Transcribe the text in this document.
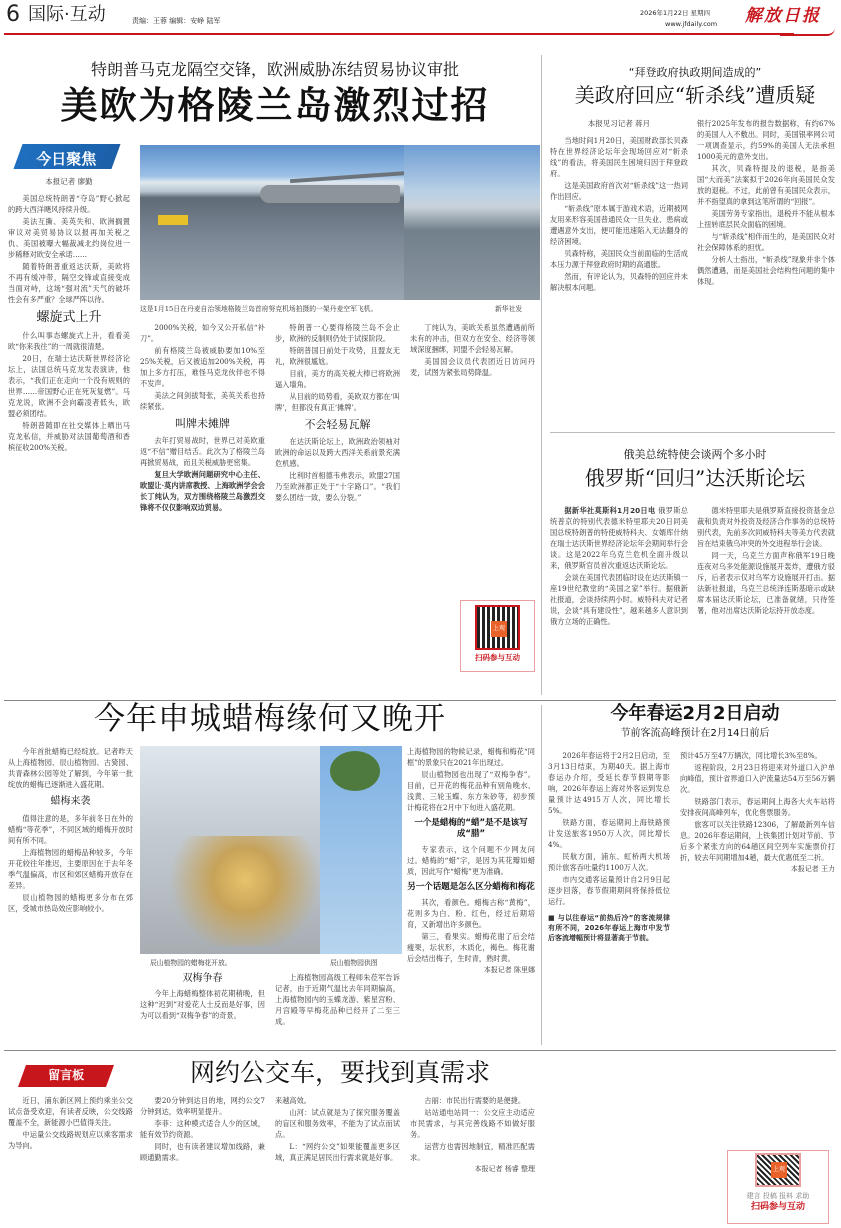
6 国际·互动	责编：王蓉 编辑：安峥 陆军
2026年1月22日 星期四
www.jfdaily.com 解放日报
特朗普马克龙隔空交锋，欧洲威胁冻结贸易协议审批
美欧为格陵兰岛激烈过招
今日聚焦
本报记者 廖勤

美国总统特朗普“夺岛”野心掀起的跨大西洋飓风持续升级。

美法互撕、美英失和、欧洲搁置审议对美贸易协议以报再加关税之仇、美国被曝大幅裁减北约岗位进一步稀释对欧安全承诺……

随着特朗普重返达沃斯，美欧将不再有缓冲带，隔空交锋或直接变成当面对峙，这场“强对流”天气的破坏性会有多严重？全球严阵以待。

螺旋式上升

什么叫事态螺旋式上升，看看美欧“你来我往”的一周就很清楚。

20日，在瑞士达沃斯世界经济论坛上，法国总统马克龙发表演讲，他表示，“我们正在走向一个没有规则的世界……帝国野心正在死灰复燃”。马克龙说，欧洲不会向霸凌者低头，欧盟必须团结。

特朗普随即在社交媒体上晒出马克龙私信，并威胁对法国葡萄酒和香槟征收200%关税。

这是1月15日在丹麦自治领地格陵兰岛首府努克机场拍摄的一架丹麦空军飞机。	新华社发

2000%关税，如今又公开私信“补刀”。

前有格陵兰岛被威胁要加10%至25%关税，后又被追加200%关税，再加上多方打压，难怪马克龙伙伴也不得不发声。

美法之间剑拔弩张，美英关系也持续紧张。

叫牌未摊牌

去年打贸易战时，世界已对美欧重返“不信”赠目结舌。此次为了格陵兰岛再掀贸易战，而且关税威胁更密集。

复旦大学欧洲问题研究中心主任、欧盟让·莫内讲席教授、上海欧洲学会会长丁纯认为，双方围绕格陵兰岛激烈交锋将不仅仅影响双边贸易。

特朗普一心要得格陵兰岛不会止步，欧洲的反制则仍处于试探阶段。

特朗普国日前处于攻势，且盟友无礼，欧洲很尴尬。

目前，美方的高关税大棒已将欧洲逼入墙角。

从目前的局势看，美欧双方都在‘叫牌’，但都没有真正‘摊牌’。

不会轻易瓦解

在达沃斯论坛上，欧洲政治领袖对欧洲的命运以及跨大西洋关系前景充满危机感。

比利时首相德韦弗表示，欧盟27国乃至欧洲都正处于“十字路口”。“我们要么团结一致，要么分裂。”

丁纯认为，美欧关系虽然遭遇前所未有的冲击，但双方在安全、经济等领域深度捆绑，同盟不会轻易瓦解。

美国国会议员代表团近日访问丹麦，试图为紧张局势降温。

上观
扫码参与互动
“拜登政府执政期间造成的”
美政府回应“斩杀线”遭质疑
本报见习记者 蒋月

当地时间1月20日，美国财政部长贝森特在世界经济论坛年会现场回应对“斩杀线”的看法，将美国民生困境归因于拜登政府。

这是美国政府首次对“斩杀线”这一热词作出回应。

“斩杀线”原本属于游戏术语，近期被网友用来形容美国普通民众一旦失业、患病或遭遇意外支出，便可能迅速陷入无法翻身的经济困境。

贝森特称，美国民众当前面临的生活成本压力源于拜登政府时期的高通胀。

然而，有评论认为，贝森特的回应并未解决根本问题。

银行2025年发布的报告数据称，有约67%的美国人入不敷出。同时，美国银率网公司一项调查显示，约59%的美国人无法承担1000美元的意外支出。

其次，贝森特提及的退税，是指美国“大而美”法案拟于2026年向美国民众发放的退税。不过，此前曾有美国民众表示，并不指望真的拿到这笔所谓的“回报”。

美国劳务专家指出，退税并不能从根本上扭转底层民众面临的困境。

与“斩杀线”相伴而生的，是美国民众对社会保障体系的担忧。

分析人士指出，“斩杀线”现象并非个体偶然遭遇，而是美国社会结构性问题的集中体现。

俄美总统特使会谈两个多小时
俄罗斯“回归”达沃斯论坛

据新华社莫斯科1月20日电 俄罗斯总统普京的特别代表德米特里耶夫20日同美国总统特朗普的特使威特科夫、女婿库什纳在瑞士达沃斯世界经济论坛年会期间举行会谈。这是2022年乌克兰危机全面升级以来，俄罗斯官员首次重返达沃斯论坛。

会谈在美国代表团临时设在达沃斯镇一座19世纪教堂的“美国之家”举行。据俄新社报道，会谈持续两小时。威特科夫对记者说，会谈“具有建设性”，越来越多人意识到俄方立场的正确性。

德米特里耶夫是俄罗斯直接投资基金总裁和负责对外投资及经济合作事务的总统特别代表，先前多次同威特科夫等美方代表就旨在结束俄乌冲突的外交进程举行会谈。

同一天，乌克兰方面声称俄军19日晚连夜对乌多处能源设施展开轰炸，遭俄方驳斥，后者表示仅对乌军方设施展开打击。据法新社报道，乌克兰总统泽连斯基暗示或缺席本届达沃斯论坛，已准备就绪，只待签署，他对出席达沃斯论坛持开放态度。

今年申城蜡梅缘何又晚开

今年首批蜡梅已经绽放。记者昨天从上海植物园、辰山植物园、古猗园、共青森林公园等处了解到，今年第一批绽放的蜡梅已逐渐进入盛花期。

蜡梅来袭

值得注意的是，多年前冬日在外的蜡梅“等花季”，不同区域的蜡梅开放时间有所不同。

上海植物园的蜡梅品种较多，今年开花较往年推迟，主要原因在于去年冬季气温偏高，市区和郊区蜡梅开放存在差异。

辰山植物园的蜡梅更多分布在郊区，受城市热岛效应影响较小。

辰山植物园的蜡梅花开放。	辰山植物园供图
双梅争春

今年上海蜡梅整体初花期稍晚，但这种“迟到”对爱花人士反而是好事，因为可以看到“双梅争春”的奇景。

上海植物园高级工程师朱莅军告诉记者，由于近期气温比去年同期偏高，上海植物园内的玉蝶龙游、紫星宫粉、月宫殿等早梅花品种已经开了二至三成。

上海植物园的物候记录，蜡梅和梅花“同框”的景象只在2021年出现过。

辰山植物园也出现了“双梅争春”。目前，已开花的梅花品种有别角晚水、浅黄、三轮玉蝶、东方朱砂等，初步预计梅花将在2月中下旬进入盛花期。

一个是蜡梅的“蜡”是不是该写成“腊”

专家表示，这个问题不少网友问过。蜡梅的“蜡”字，是因为其花瓣如蜡质，因此写作“蜡梅”更为准确。

另一个话题是怎么区分蜡梅和梅花

其次，看颜色。蜡梅古称“黄梅”，花则多为白、粉、红色，经过后期培育，又新增出许多颜色。

第三，看果实。蜡梅花谢了后会结瘦果，坛状形，木质化，褐色。梅花谢后会结出梅子，生时青，熟时黄。

本报记者 陈里娜
今年春运2月2日启动
节前客流高峰预计在2月14日前后

2026年春运将于2月2日启动，至3月13日结束，为期40天。据上海市春运办介绍，受延长春节假期等影响，2026年春运上海对外客运到发总量预计达4915万人次，同比增长5%。

铁路方面，春运期间上海铁路预计发送旅客1950万人次，同比增长4%。

民航方面，浦东、虹桥两大机场预计旅客吞吐量约1100万人次。

市内交通客运量预计自2月9日起逐步回落，春节假期期间将保持低位运行。

■ 与以往春运“前热后冷”的客流规律有所不同，2026年春运上海市中发节后客流增幅预计将显著高于节前。

预计45万至47万辆次，同比增长3%至8%。

返程阶段，2月23日将迎来对外道口入沪单向峰值，预计省界道口入沪流量达54万至56万辆次。

铁路部门表示，春运期间上海各大火车站将安排夜间高峰列车，优化售票服务。

旅客可以关注铁路12306，了解最新列车信息。2026年春运期间，上铁集团计划对节前、节后多个紧张方向的64趟区间空列车实施票价打折，较去年同期增加4趟，最大优惠低至二折。

本报记者 王力
留言板	网约公交车，要找到真需求

近日，浦东新区网上预约乘坐公交试点备受欢迎，有读者反映，公交线路覆盖不全，新能源小巴值得关注。

中运量公交线路规划应以乘客需求为导向。

要20分钟到达目的地，网约公交7分钟到达，效率明显提升。

李菲：这种模式适合人少的区域，能有效节约资源。

同时，也有读者建议增加线路，兼顾通勤需求。

来越高效。

山河：试点就是为了探究服务覆盖的盲区和服务效率，不能为了试点而试点。

L：“网约公交”如果能覆盖更多区域，真正满足居民出行需求就是好事。

古丽：市民出行需要的是便捷。

站站通电站同一：公交应主动适应市民需求，与其完善线路不如做好服务。

运营方也需因地制宜，精准匹配需求。

本报记者 杨睿 整理	上观
建言 投稿 报料 求助
扫码参与互动
